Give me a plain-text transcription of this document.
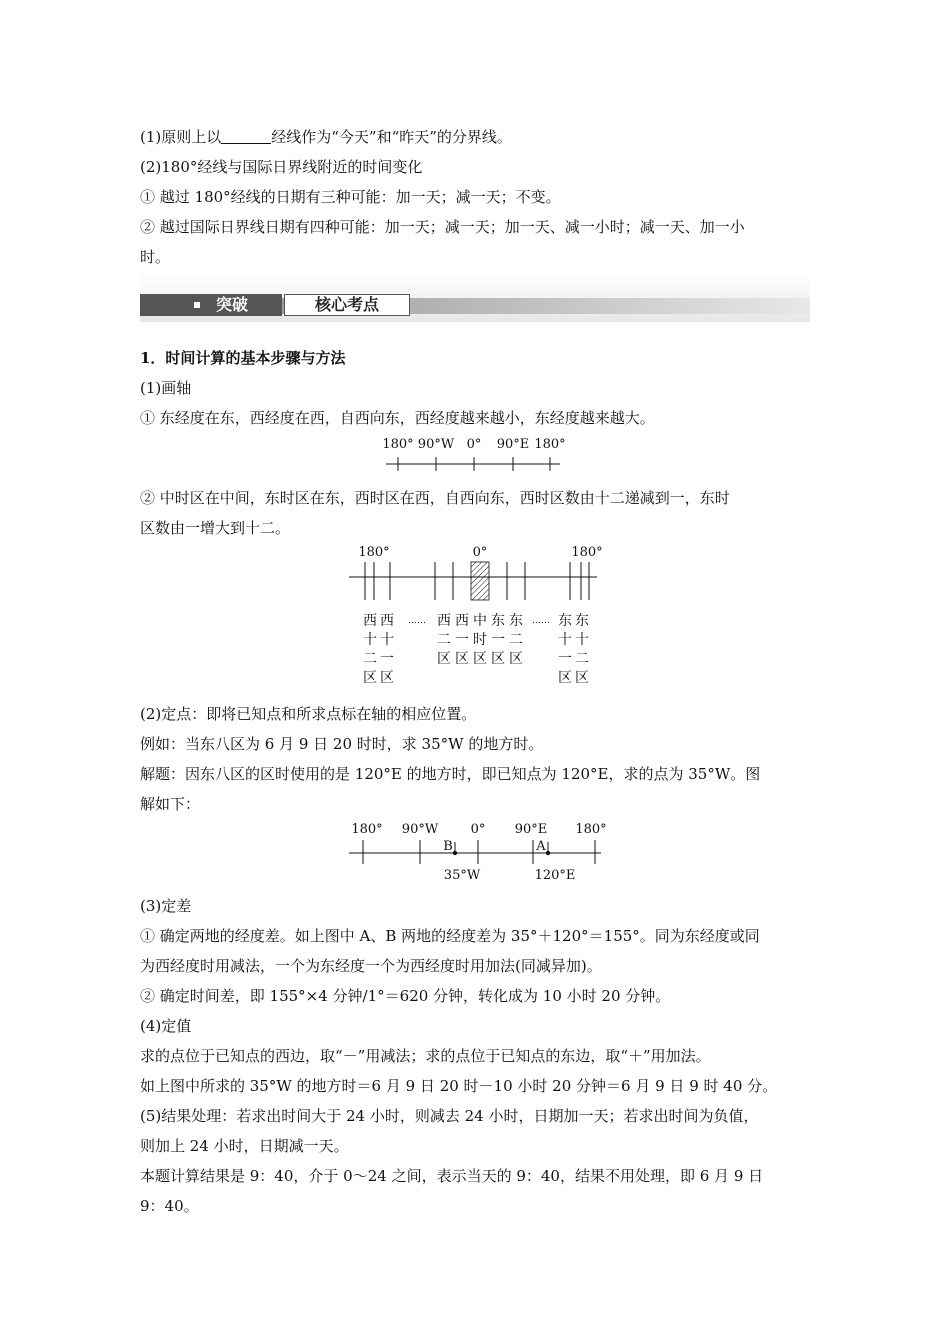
(1)原则上以	经线作为“今天”和“昨天”的分界线。
(2)180°经线与国际日界线附近的时间变化
① 越过 180°经线的日期有三种可能：加一天；减一天；不变。
② 越过国际日界线日期有四种可能：加一天；减一天；加一天、减一小时；减一天、加一小
时。
突破	核心考点
1．时间计算的基本步骤与方法
(1)画轴
① 东经度在东，西经度在西，自西向东，西经度越来越小，东经度越来越大。
180° 90°W 0° 90°E 180°
② 中时区在中间，东时区在东，西时区在西，自西向东，西时区数由十二递减到一，东时
区数由一增大到十二。
180°	0°	180°
西
十
二
区
西
十
一
区
…… 西
二
区
西
一
区
中
时
区
东
一
区
东
二
区
…… 东
十
一
区
东
十
二
区
(2)定点：即将已知点和所求点标在轴的相应位置。
例如：当东八区为 6 月 9 日 20 时时，求 35°W 的地方时。
解题：因东八区的区时使用的是 120°E 的地方时，即已知点为 120°E，求的点为 35°W。图
解如下：
180° 90°W 0° 90°E 180°
B	A
35°W	120°E
(3)定差
① 确定两地的经度差。如上图中 A、B 两地的经度差为 35°＋120°＝155°。同为东经度或同
为西经度时用减法，一个为东经度一个为西经度时用加法(同减异加)。
② 确定时间差，即 155°×4 分钟/1°＝620 分钟，转化成为 10 小时 20 分钟。
(4)定值
求的点位于已知点的西边，取“－”用减法；求的点位于已知点的东边，取“＋”用加法。
如上图中所求的 35°W 的地方时＝6 月 9 日 20 时－10 小时 20 分钟＝6 月 9 日 9 时 40 分。
(5)结果处理：若求出时间大于 24 小时，则减去 24 小时，日期加一天；若求出时间为负值，
则加上 24 小时，日期减一天。
本题计算结果是 9：40，介于 0～24 之间，表示当天的 9：40，结果不用处理，即 6 月 9 日
9：40。
